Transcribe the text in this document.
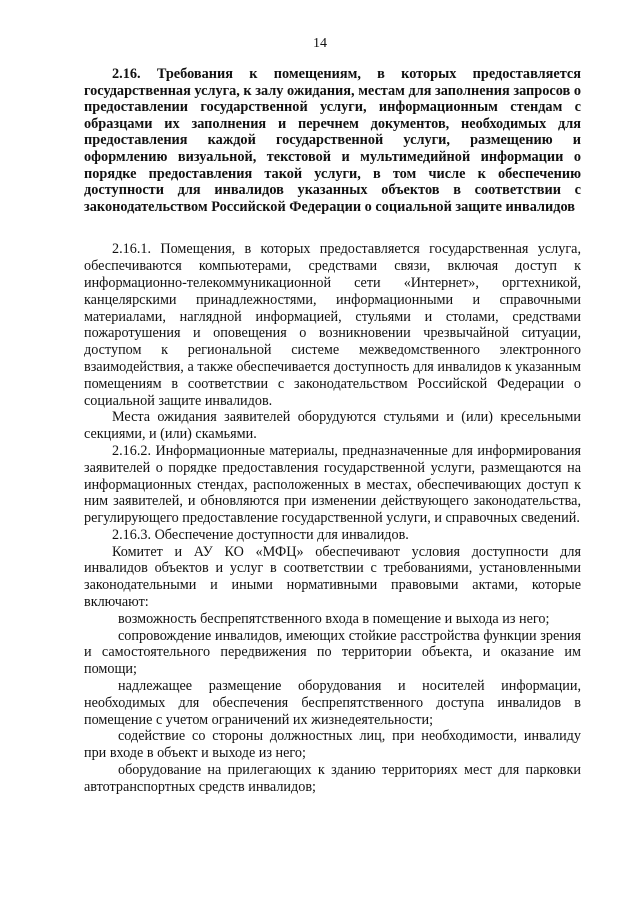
14

2.16. Требования к помещениям, в которых предоставляется государственная услуга, к залу ожидания, местам для заполнения запросов о предоставлении государственной услуги, информационным стендам с образцами их заполнения и перечнем документов, необходимых для предоставления каждой государственной услуги, размещению и оформлению визуальной, текстовой и мультимедийной информации о порядке предоставления такой услуги, в том числе к обеспечению доступности для инвалидов указанных объектов в соответствии с законодательством Российской Федерации о социальной защите инвалидов

2.16.1. Помещения, в которых предоставляется государственная услуга, обеспечиваются компьютерами, средствами связи, включая доступ к информационно-телекоммуникационной сети «Интернет», оргтехникой, канцелярскими принадлежностями, информационными и справочными материалами, наглядной информацией, стульями и столами, средствами пожаротушения и оповещения о возникновении чрезвычайной ситуации, доступом к региональной системе межведомственного электронного взаимодействия, а также обеспечивается доступность для инвалидов к указанным помещениям в соответствии с законодательством Российской Федерации о социальной защите инвалидов.

Места ожидания заявителей оборудуются стульями и (или) кресельными секциями, и (или) скамьями.

2.16.2. Информационные материалы, предназначенные для информирования заявителей о порядке предоставления государственной услуги, размещаются на информационных стендах, расположенных в местах, обеспечивающих доступ к ним заявителей, и обновляются при изменении действующего законодательства, регулирующего предоставление государственной услуги, и справочных сведений.

2.16.3. Обеспечение доступности для инвалидов.

Комитет и АУ КО «МФЦ» обеспечивают условия доступности для инвалидов объектов и услуг в соответствии с требованиями, установленными законодательными и иными нормативными правовыми актами, которые включают:

возможность беспрепятственного входа в помещение и выхода из него;

сопровождение инвалидов, имеющих стойкие расстройства функции зрения и самостоятельного передвижения по территории объекта, и оказание им помощи;

надлежащее размещение оборудования и носителей информации, необходимых для обеспечения беспрепятственного доступа инвалидов в помещение с учетом ограничений их жизнедеятельности;

содействие со стороны должностных лиц, при необходимости, инвалиду при входе в объект и выходе из него;

оборудование на прилегающих к зданию территориях мест для парковки автотранспортных средств инвалидов;
